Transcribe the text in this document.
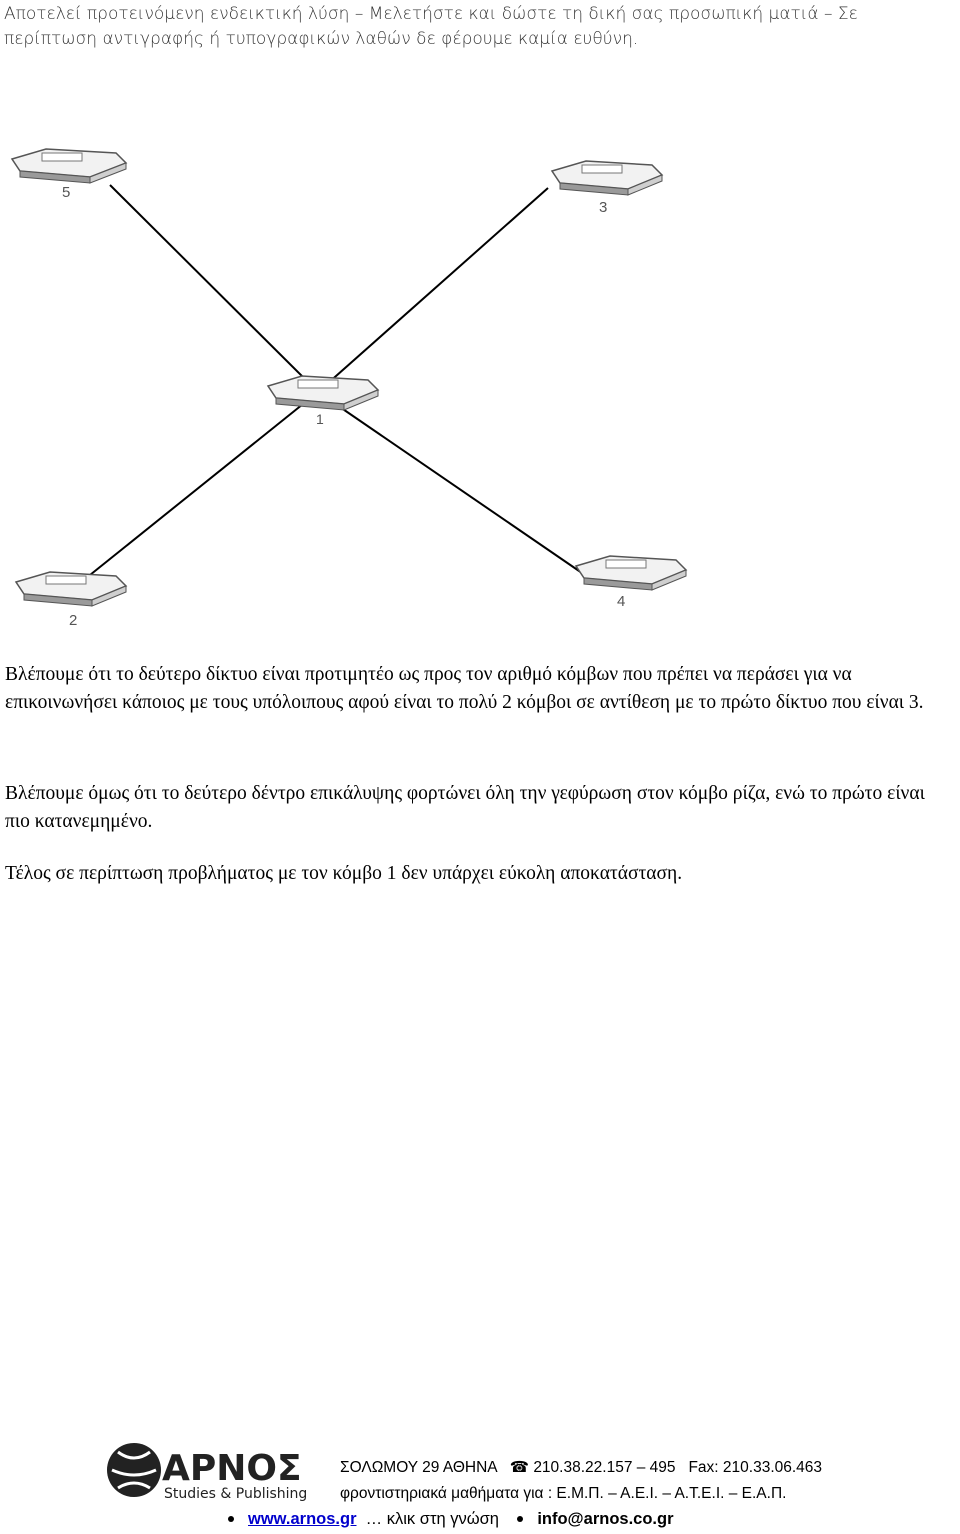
Αποτελεί προτεινόμενη ενδεικτική λύση – Μελετήστε και δώστε τη δική σας προσωπική ματιά – Σε περίπτωση αντιγραφής ή τυπογραφικών λαθών δε φέρουμε καμία ευθύνη.
5
3
1
2
4
Βλέπουμε ότι το δεύτερο δίκτυο είναι προτιμητέο ως προς τον αριθμό κόμβων που πρέπει να περάσει για να επικοινωνήσει κάποιος με τους υπόλοιπους αφού είναι το πολύ 2 κόμβοι σε αντίθεση με το πρώτο δίκτυο που είναι 3.
Βλέπουμε όμως ότι το δεύτερο δέντρο επικάλυψης φορτώνει όλη την γεφύρωση στον κόμβο ρίζα, ενώ το πρώτο είναι πιο κατανεμημένο.
Τέλος σε περίπτωση προβλήματος με τον κόμβο 1 δεν υπάρχει εύκολη αποκατάσταση.
ΑΡΝΟΣ
Studies & Publishing
ΣΟΛΩΜΟΥ 29 ΑΘΗΝΑ ☎ 210.38.22.157 – 495 Fax: 210.33.06.463
φροντιστηριακά μαθήματα για : Ε.Μ.Π. – Α.Ε.Ι. – Α.Τ.Ε.Ι. – Ε.Α.Π.
www.arnos.gr … κλικ στη γνώση info@arnos.co.gr
